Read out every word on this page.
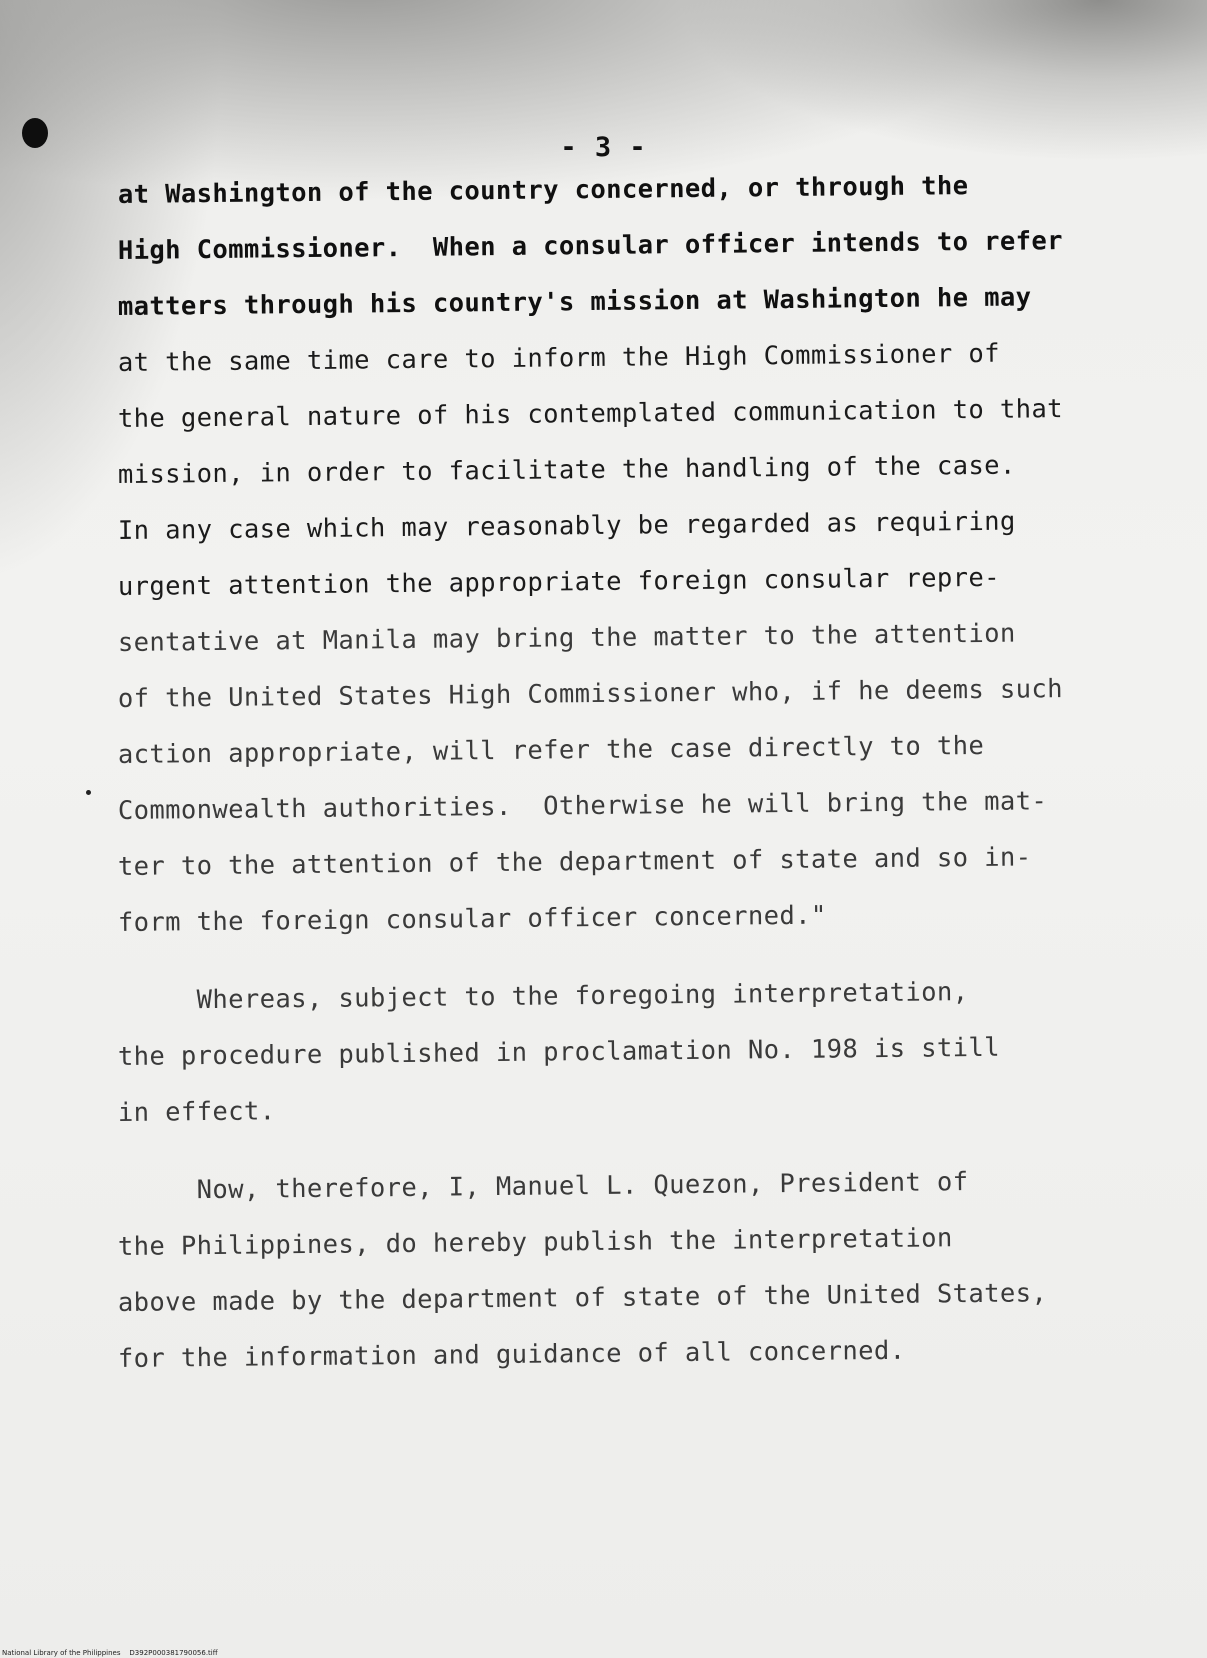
- 3 -
at Washington of the country concerned, or through the
High Commissioner.  When a consular officer intends to refer
matters through his country's mission at Washington he may
at the same time care to inform the High Commissioner of
the general nature of his contemplated communication to that
mission, in order to facilitate the handling of the case.
In any case which may reasonably be regarded as requiring
urgent attention the appropriate foreign consular repre-
sentative at Manila may bring the matter to the attention
of the United States High Commissioner who, if he deems such
action appropriate, will refer the case directly to the
Commonwealth authorities.  Otherwise he will bring the mat-
ter to the attention of the department of state and so in-
form the foreign consular officer concerned."
Whereas, subject to the foregoing interpretation,
the procedure published in proclamation No. 198 is still
in effect.
Now, therefore, I, Manuel L. Quezon, President of
the Philippines, do hereby publish the interpretation
above made by the department of state of the United States,
for the information and guidance of all concerned.
National Library of the Philippines D392P000381790056.tiff
